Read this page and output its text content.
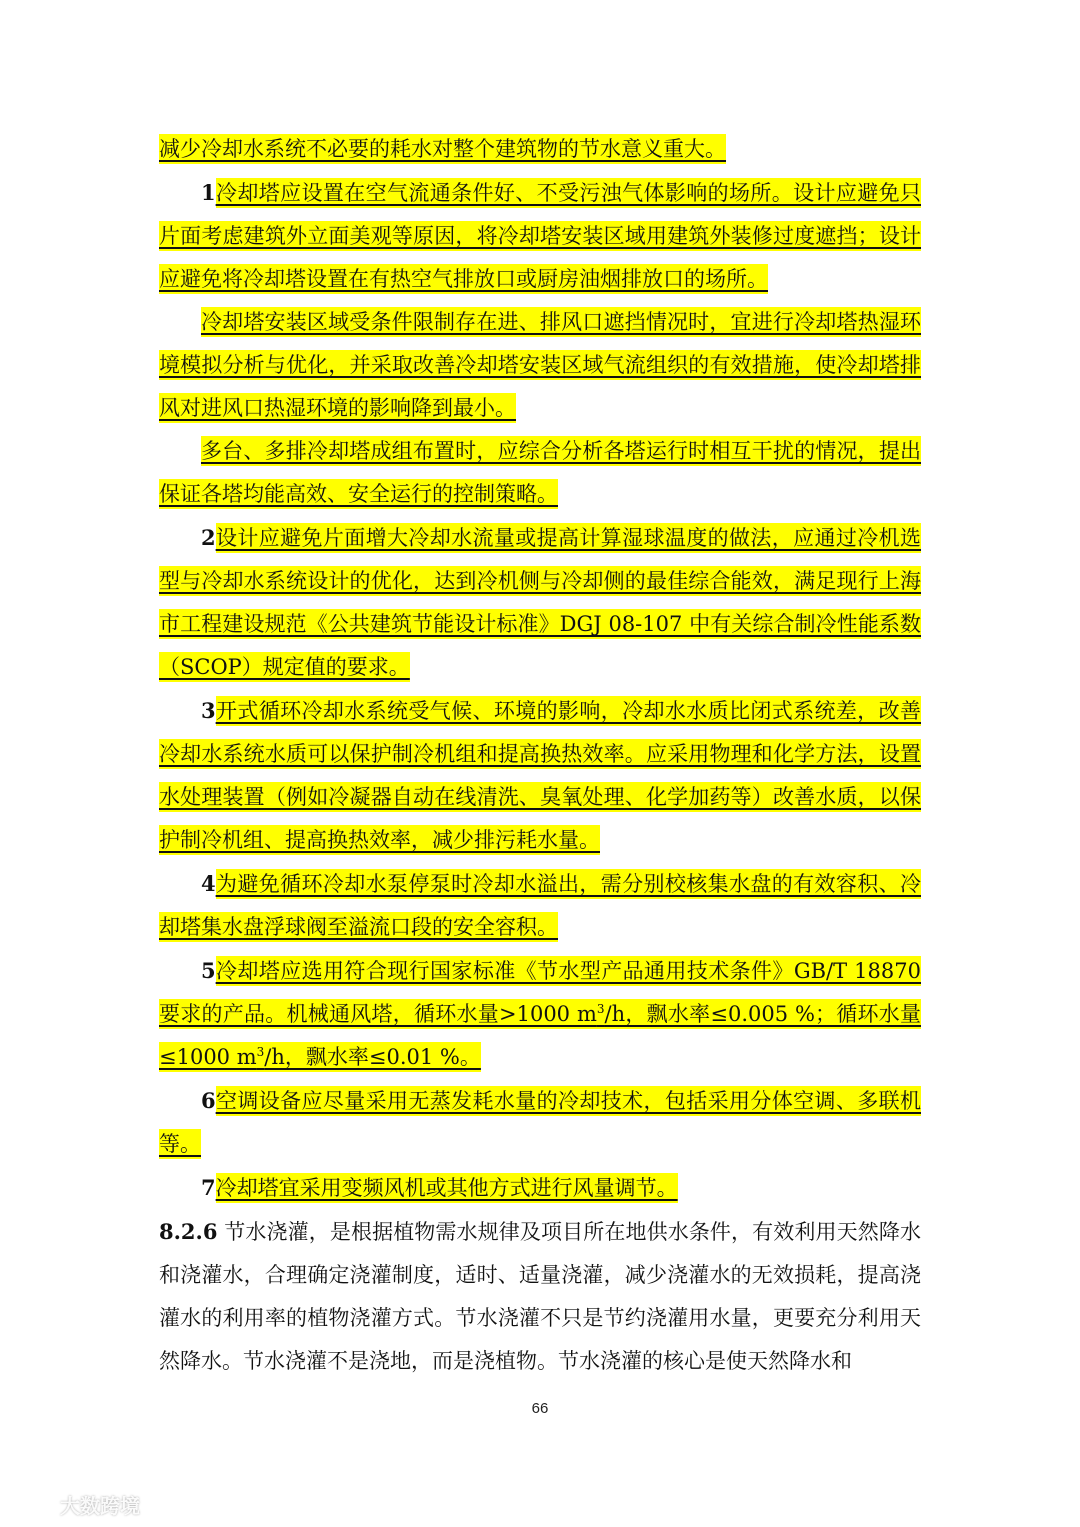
减少冷却水系统不必要的耗水对整个建筑物的节水意义重大。

1冷却塔应设置在空气流通条件好、不受污浊气体影响的场所。设计应避免只片面考虑建筑外立面美观等原因，将冷却塔安装区域用建筑外装修过度遮挡；设计应避免将冷却塔设置在有热空气排放口或厨房油烟排放口的场所。

冷却塔安装区域受条件限制存在进、排风口遮挡情况时，宜进行冷却塔热湿环境模拟分析与优化，并采取改善冷却塔安装区域气流组织的有效措施，使冷却塔排风对进风口热湿环境的影响降到最小。

多台、多排冷却塔成组布置时，应综合分析各塔运行时相互干扰的情况，提出保证各塔均能高效、安全运行的控制策略。

2设计应避免片面增大冷却水流量或提高计算湿球温度的做法，应通过冷机选型与冷却水系统设计的优化，达到冷机侧与冷却侧的最佳综合能效，满足现行上海市工程建设规范《公共建筑节能设计标准》DGJ 08-107 中有关综合制冷性能系数（SCOP）规定值的要求。

3开式循环冷却水系统受气候、环境的影响，冷却水水质比闭式系统差，改善冷却水系统水质可以保护制冷机组和提高换热效率。应采用物理和化学方法，设置水处理装置（例如冷凝器自动在线清洗、臭氧处理、化学加药等）改善水质，以保护制冷机组、提高换热效率，减少排污耗水量。

4为避免循环冷却水泵停泵时冷却水溢出，需分别校核集水盘的有效容积、冷却塔集水盘浮球阀至溢流口段的安全容积。

5冷却塔应选用符合现行国家标准《节水型产品通用技术条件》GB/T 18870要求的产品。机械通风塔，循环水量>1000 $m^3/h$，飘水率≤0.005 %；循环水量≤1000 $m^3/h$，飘水率≤0.01 %。

6空调设备应尽量采用无蒸发耗水量的冷却技术，包括采用分体空调、多联机等。

7冷却塔宜采用变频风机或其他方式进行风量调节。

8.2.6 节水浇灌，是根据植物需水规律及项目所在地供水条件，有效利用天然降水和浇灌水，合理确定浇灌制度，适时、适量浇灌，减少浇灌水的无效损耗，提高浇灌水的利用率的植物浇灌方式。节水浇灌不只是节约浇灌用水量，更要充分利用天然降水。节水浇灌不是浇地，而是浇植物。节水浇灌的核心是使天然降水和

66
大数跨境
